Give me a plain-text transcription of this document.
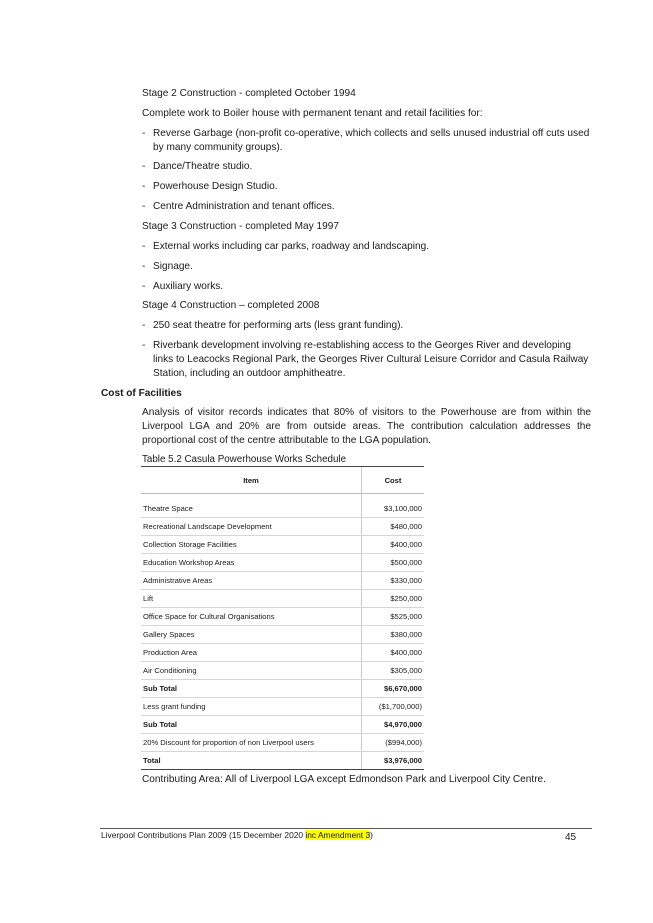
Stage 2 Construction - completed October 1994
Complete work to Boiler house with permanent tenant and retail facilities for:
- Reverse Garbage (non-profit co-operative, which collects and sells unused industrial off cuts used by many community groups).
- Dance/Theatre studio.
- Powerhouse Design Studio.
- Centre Administration and tenant offices.
Stage 3 Construction - completed May 1997
- External works including car parks, roadway and landscaping.
- Signage.
- Auxiliary works.
Stage 4 Construction – completed 2008
- 250 seat theatre for performing arts (less grant funding).
- Riverbank development involving re-establishing access to the Georges River and developing links to Leacocks Regional Park, the Georges River Cultural Leisure Corridor and Casula Railway Station, including an outdoor amphitheatre.
Cost of Facilities
Analysis of visitor records indicates that 80% of visitors to the Powerhouse are from within the Liverpool LGA and 20% are from outside areas. The contribution calculation addresses the proportional cost of the centre attributable to the LGA population.
Table 5.2 Casula Powerhouse Works Schedule
Item	Cost

Theatre Space	$3,100,000
Recreational Landscape Development	$480,000
Collection Storage Facilities	$400,000
Education Workshop Areas	$500,000
Administrative Areas	$330,000
Lift	$250,000
Office Space for Cultural Organisations	$525,000
Gallery Spaces	$380,000
Production Area	$400,000
Air Conditioning	$305,000
Sub Total	$6,670,000
Less grant funding	($1,700,000)
Sub Total	$4,970,000
20% Discount for proportion of non Liverpool users	($994,000)
Total	$3,976,000
Contributing Area: All of Liverpool LGA except Edmondson Park and Liverpool City Centre.
Liverpool Contributions Plan 2009 (15 December 2020 inc Amendment 3)	45
